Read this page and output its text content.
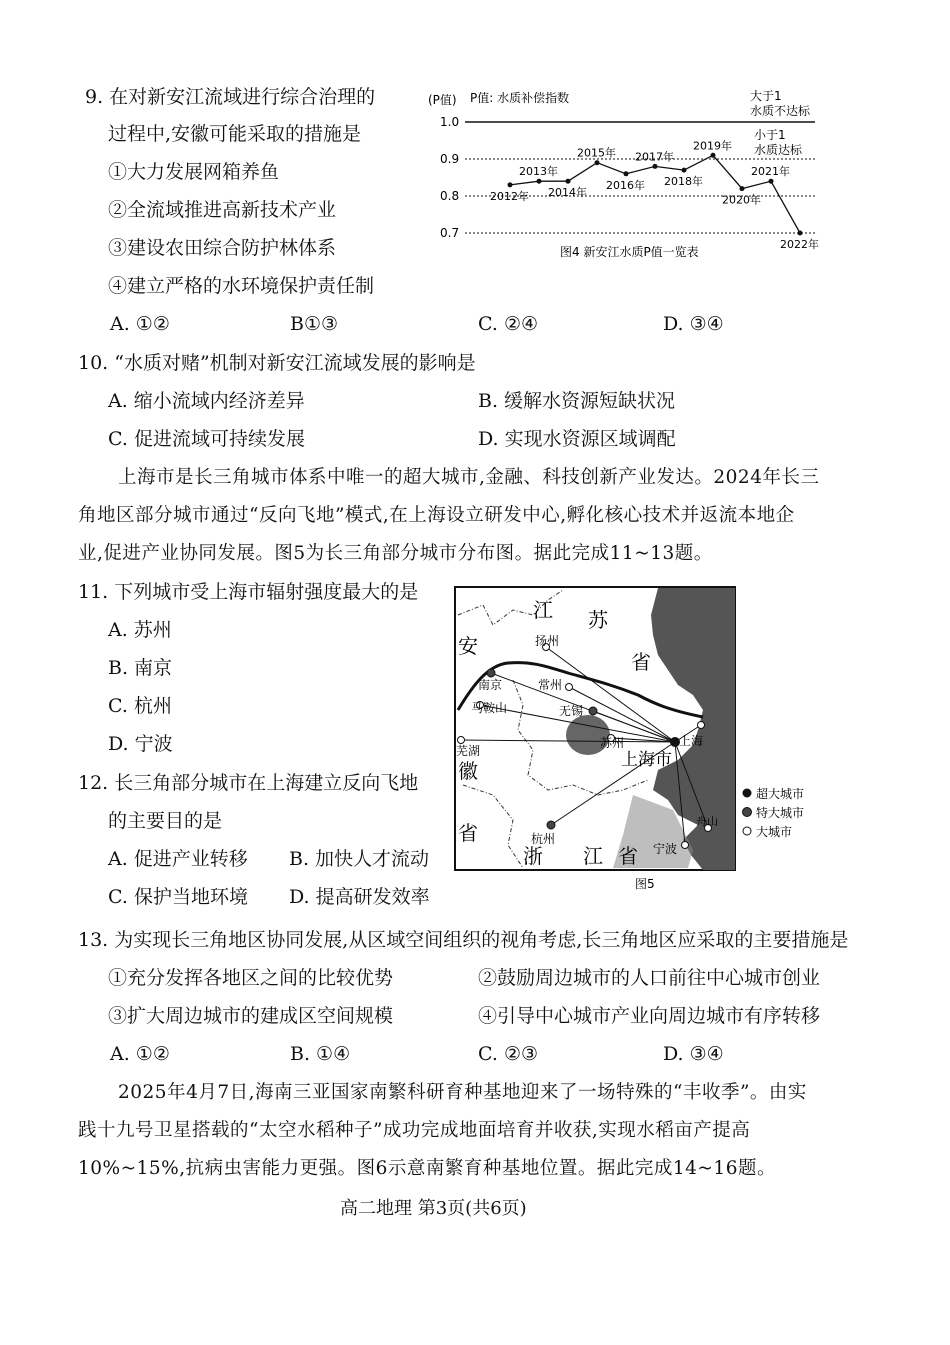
9. 在对新安江流域进行综合治理的
过程中,安徽可能采取的措施是
①大力发展网箱养鱼
②全流域推进高新技术产业
③建设农田综合防护林体系
④建立严格的水环境保护责任制
A. ①②	B①③	C. ②④	D. ③④
(P值) P值: 水质补偿指数	大于1
水质不达标
小于1
水质达标
1.0
0.9
0.8
0.7
2012年
2013年
2014年
2015年
2016年
2017年
2018年
2019年
2020年
2021年
2022年
图4 新安江水质P值一览表
10. “水质对赌”机制对新安江流域发展的影响是
A. 缩小流域内经济差异	B. 缓解水资源短缺状况
C. 促进流域可持续发展	D. 实现水资源区域调配
上海市是长三角城市体系中唯一的超大城市,金融、科技创新产业发达。2024年长三
角地区部分城市通过“反向飞地”模式,在上海设立研发中心,孵化核心技术并返流本地企
业,促进产业协同发展。图5为长三角部分城市分布图。据此完成11~13题。
11. 下列城市受上海市辐射强度最大的是
A. 苏州
B. 南京
C. 杭州
D. 宁波
12. 长三角部分城市在上海建立反向飞地
的主要目的是
A. 促进产业转移 B. 加快人才流动
C. 保护当地环境 D. 提高研发效率
江 苏
省
安
徽
省
浙 江 省
上海市
扬州
南京	常州
马鞍山	无锡
芜湖
苏州	上海
杭州
宁波
舟山
超大城市
特大城市
大城市
图5
13. 为实现长三角地区协同发展,从区域空间组织的视角考虑,长三角地区应采取的主要措施是
①充分发挥各地区之间的比较优势	②鼓励周边城市的人口前往中心城市创业
③扩大周边城市的建成区空间规模	④引导中心城市产业向周边城市有序转移
A. ①②	B. ①④	C. ②③	D. ③④
2025年4月7日,海南三亚国家南繁科研育种基地迎来了一场特殊的“丰收季”。由实
践十九号卫星搭载的“太空水稻种子”成功完成地面培育并收获,实现水稻亩产提高
10%~15%,抗病虫害能力更强。图6示意南繁育种基地位置。据此完成14~16题。
高二地理 第3页(共6页)
